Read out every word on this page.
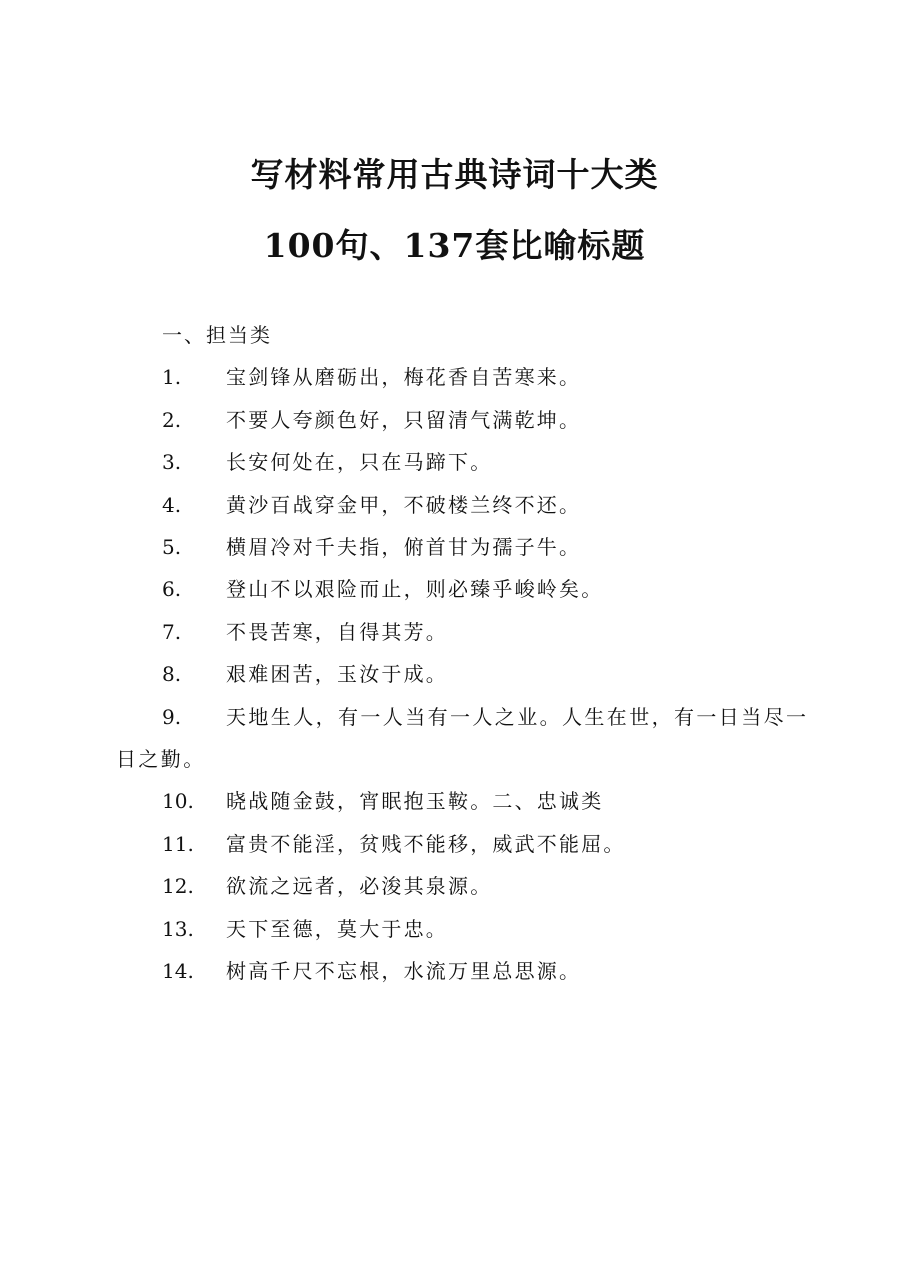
写材料常用古典诗词十大类
100句、137套比喻标题
一、担当类
1. 宝剑锋从磨砺出，梅花香自苦寒来。
2. 不要人夸颜色好，只留清气满乾坤。
3. 长安何处在，只在马蹄下。
4. 黄沙百战穿金甲，不破楼兰终不还。
5. 横眉冷对千夫指，俯首甘为孺子牛。
6. 登山不以艰险而止，则必臻乎峻岭矣。
7. 不畏苦寒，自得其芳。
8. 艰难困苦，玉汝于成。
9.	天地生人，有一人当有一人之业。人生在世，有一日当尽一日之勤。
10. 晓战随金鼓，宵眠抱玉鞍。二、忠诚类
11. 富贵不能淫，贫贱不能移，威武不能屈。
12. 欲流之远者，必浚其泉源。
13. 天下至德，莫大于忠。
14. 树高千尺不忘根，水流万里总思源。
